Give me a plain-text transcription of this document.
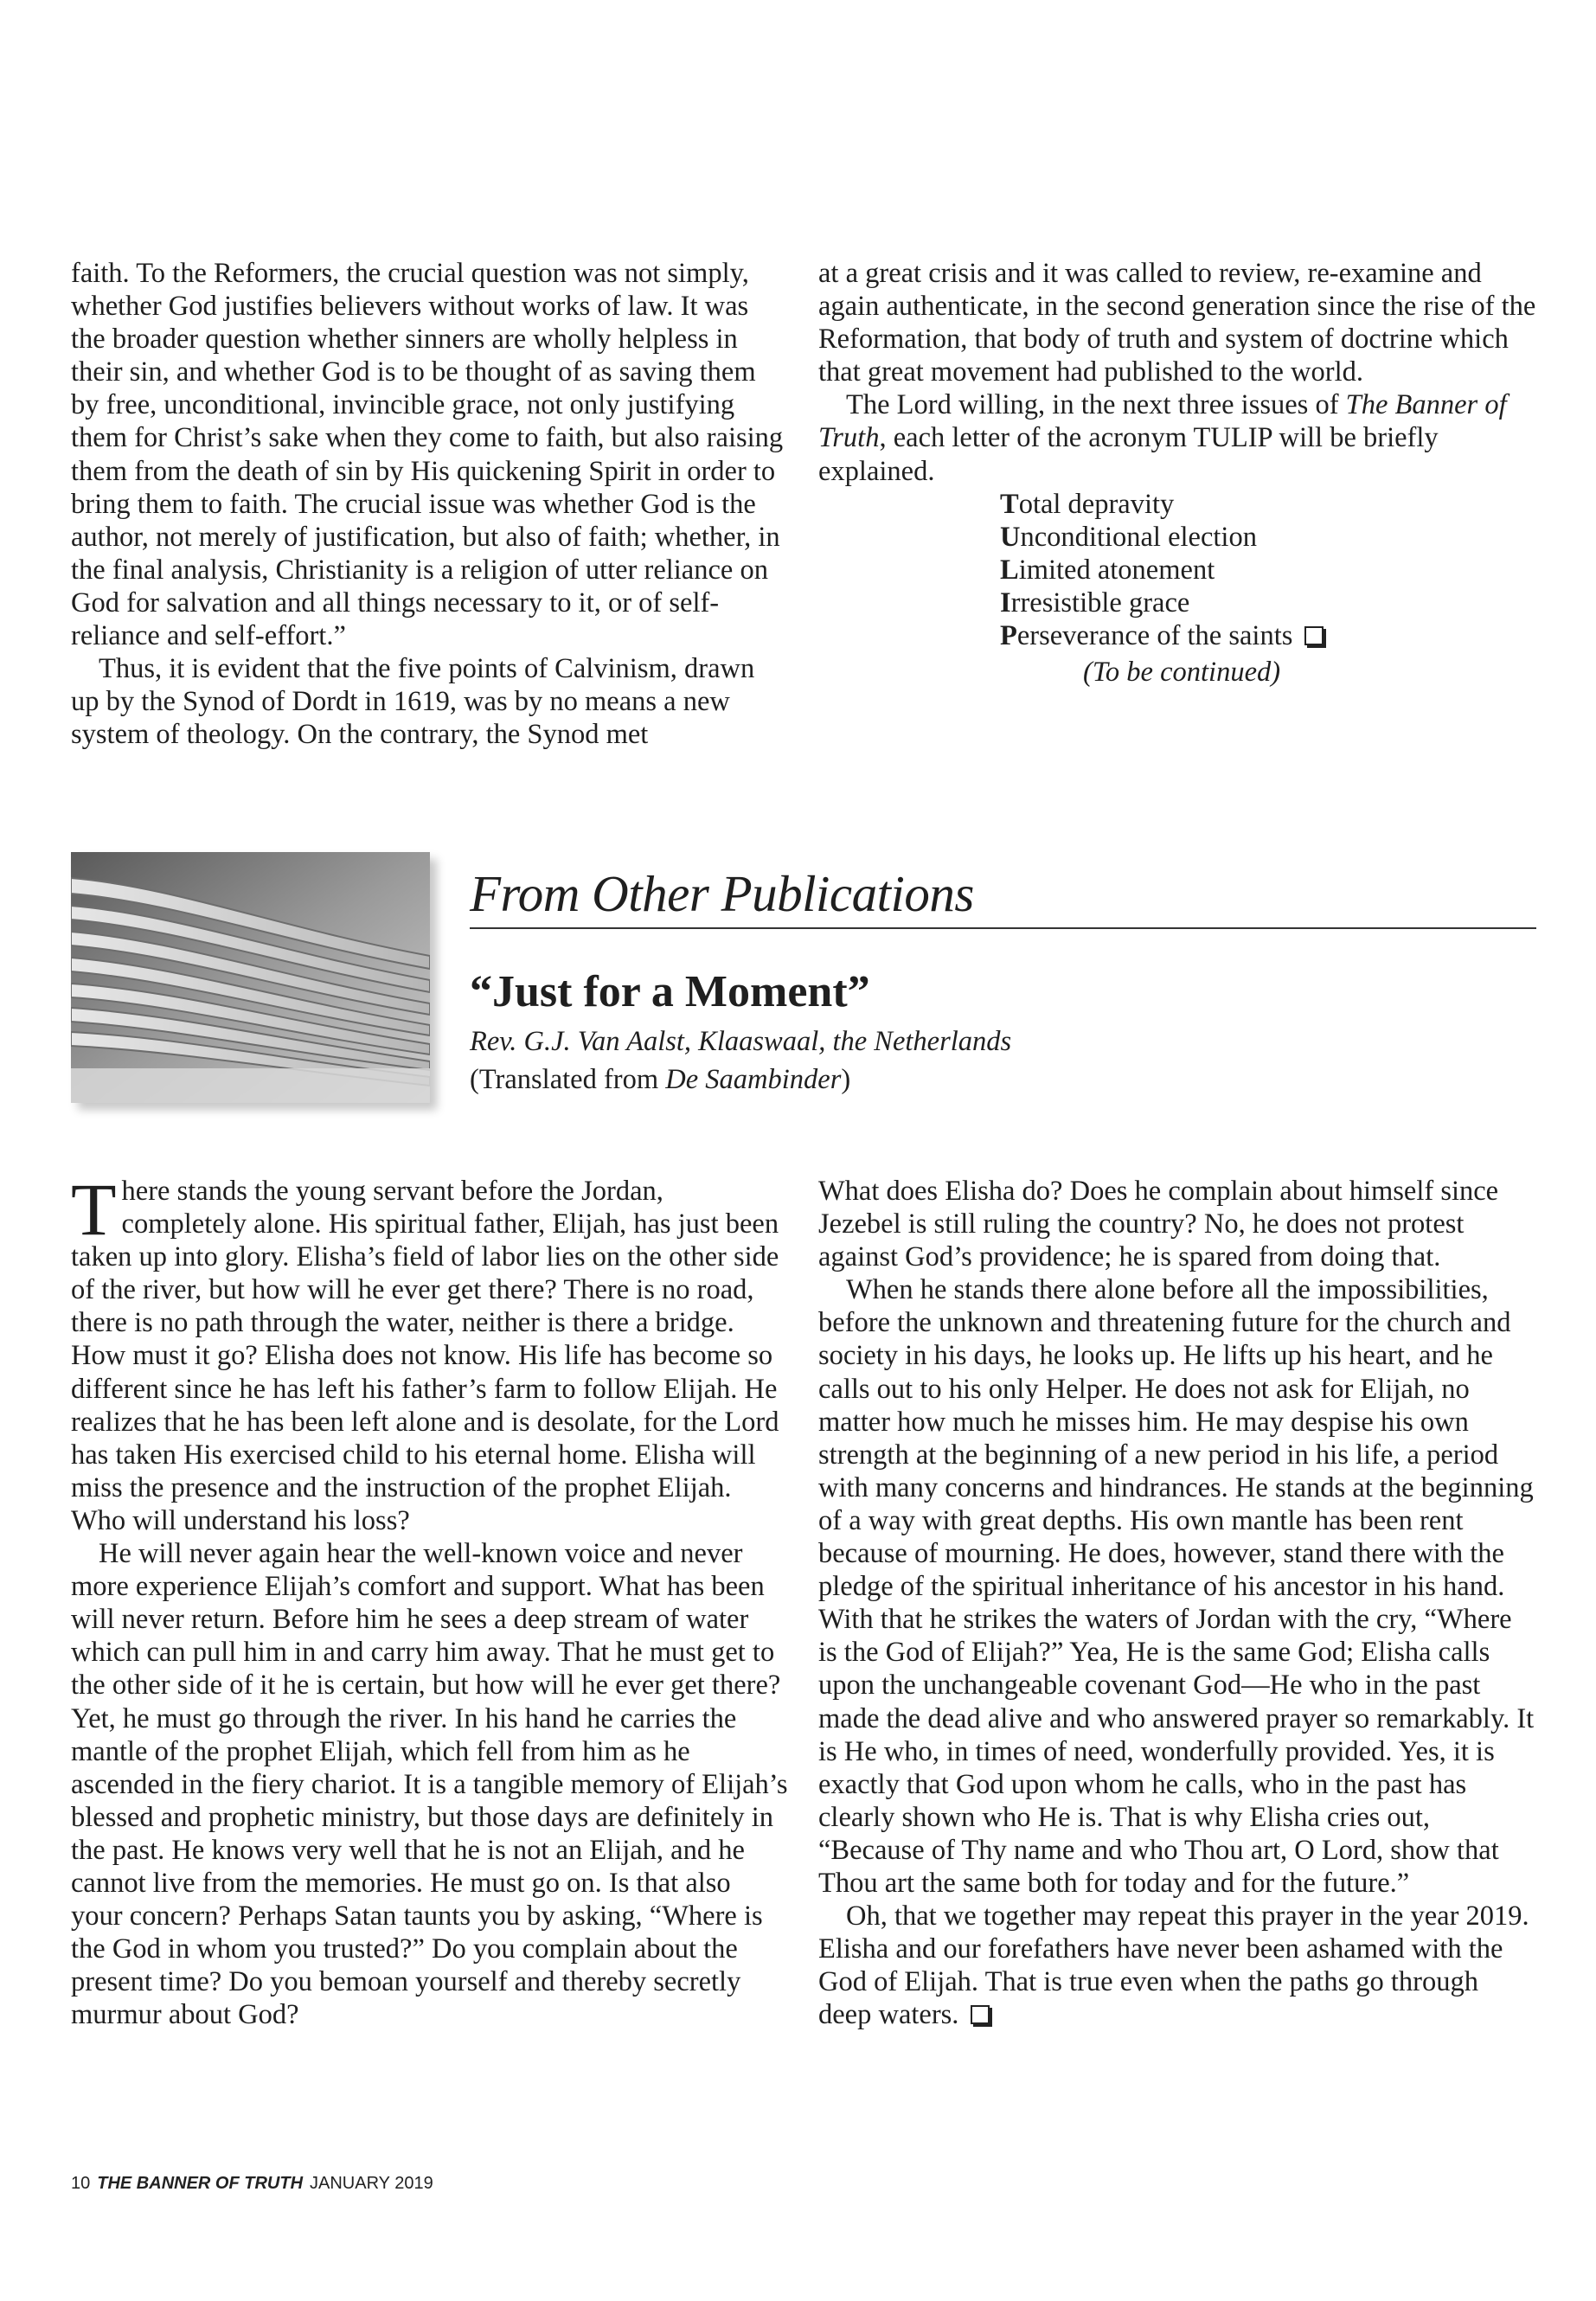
faith. To the Reformers, the crucial question was not simply, whether God justifies believers without works of law. It was the broader question whether sinners are wholly helpless in their sin, and whether God is to be thought of as saving them by free, unconditional, invincible grace, not only justifying them for Christ’s sake when they come to faith, but also raising them from the death of sin by His quickening Spirit in order to bring them to faith. The crucial issue was whether God is the author, not merely of justification, but also of faith; whether, in the final analysis, Christianity is a religion of utter reliance on God for salvation and all things necessary to it, or of self-reliance and self-effort.”

Thus, it is evident that the five points of Calvinism, drawn up by the Synod of Dordt in 1619, was by no means a new system of theology. On the contrary, the Synod met

at a great crisis and it was called to review, re-examine and again authenticate, in the second generation since the rise of the Reformation, that body of truth and system of doctrine which that great movement had published to the world.

The Lord willing, in the next three issues of The Banner of Truth, each letter of the acronym TULIP will be briefly explained.

Total depravity
Unconditional election
Limited atonement
Irresistible grace
Perseverance of the saints
(To be continued)
From Other Publications
“Just for a Moment”
Rev. G.J. Van Aalst, Klaaswaal, the Netherlands
(Translated from De Saambinder)

There stands the young servant before the Jordan, completely alone. His spiritual father, Elijah, has just been taken up into glory. Elisha’s field of labor lies on the other side of the river, but how will he ever get there? There is no road, there is no path through the water, neither is there a bridge. How must it go? Elisha does not know. His life has become so different since he has left his father’s farm to follow Elijah. He realizes that he has been left alone and is desolate, for the Lord has taken His exercised child to his eternal home. Elisha will miss the presence and the instruction of the prophet Elijah. Who will understand his loss?

He will never again hear the well-known voice and never more experience Elijah’s comfort and support. What has been will never return. Before him he sees a deep stream of water which can pull him in and carry him away. That he must get to the other side of it he is certain, but how will he ever get there? Yet, he must go through the river. In his hand he carries the mantle of the prophet Elijah, which fell from him as he ascended in the fiery chariot. It is a tangible memory of Elijah’s blessed and prophetic ministry, but those days are definitely in the past. He knows very well that he is not an Elijah, and he cannot live from the memories. He must go on. Is that also your concern? Perhaps Satan taunts you by asking, “Where is the God in whom you trusted?” Do you complain about the present time? Do you bemoan yourself and thereby secretly murmur about God?

What does Elisha do? Does he complain about himself since Jezebel is still ruling the country? No, he does not protest against God’s providence; he is spared from doing that.

When he stands there alone before all the impossibilities, before the unknown and threatening future for the church and society in his days, he looks up. He lifts up his heart, and he calls out to his only Helper. He does not ask for Elijah, no matter how much he misses him. He may despise his own strength at the beginning of a new period in his life, a period with many concerns and hindrances. He stands at the beginning of a way with great depths. His own mantle has been rent because of mourning. He does, however, stand there with the pledge of the spiritual inheritance of his ancestor in his hand. With that he strikes the waters of Jordan with the cry, “Where is the God of Elijah?” Yea, He is the same God; Elisha calls upon the unchangeable covenant God—He who in the past made the dead alive and who answered prayer so remarkably. It is He who, in times of need, wonderfully provided. Yes, it is exactly that God upon whom he calls, who in the past has clearly shown who He is. That is why Elisha cries out, “Because of Thy name and who Thou art, O Lord, show that Thou art the same both for today and for the future.”

Oh, that we together may repeat this prayer in the year 2019. Elisha and our forefathers have never been ashamed with the God of Elijah. That is true even when the paths go through deep waters.

10 THE BANNER OF TRUTH JANUARY 2019
